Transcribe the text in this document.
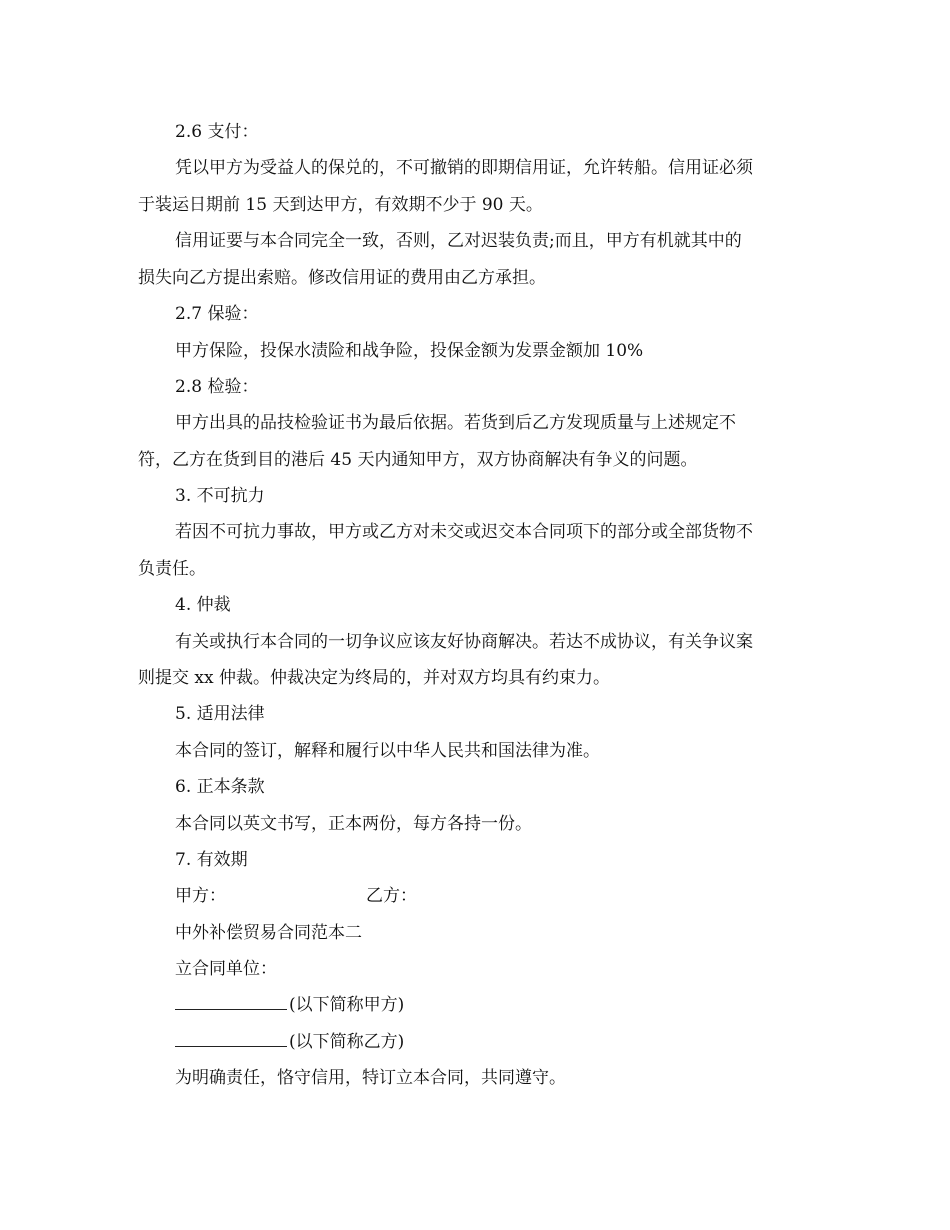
2.6 支付：
凭以甲方为受益人的保兑的，不可撤销的即期信用证，允许转船。信用证必须
于装运日期前 15 天到达甲方，有效期不少于 90 天。
信用证要与本合同完全一致，否则，乙对迟装负责;而且，甲方有机就其中的
损失向乙方提出索赔。修改信用证的费用由乙方承担。
2.7 保验：
甲方保险，投保水渍险和战争险，投保金额为发票金额加 10%
2.8 检验：
甲方出具的品技检验证书为最后依据。若货到后乙方发现质量与上述规定不
符，乙方在货到目的港后 45 天内通知甲方，双方协商解决有争义的问题。
3. 不可抗力
若因不可抗力事故，甲方或乙方对未交或迟交本合同项下的部分或全部货物不
负责任。
4. 仲裁
有关或执行本合同的一切争议应该友好协商解决。若达不成协议，有关争议案
则提交 xx 仲裁。仲裁决定为终局的，并对双方均具有约束力。
5. 适用法律
本合同的签订，解释和履行以中华人民共和国法律为准。
6. 正本条款
本合同以英文书写，正本两份，每方各持一份。
7. 有效期
甲方：	乙方：
中外补偿贸易合同范本二
立合同单位：
(以下简称甲方)
(以下简称乙方)
为明确责任，恪守信用，特订立本合同，共同遵守。
